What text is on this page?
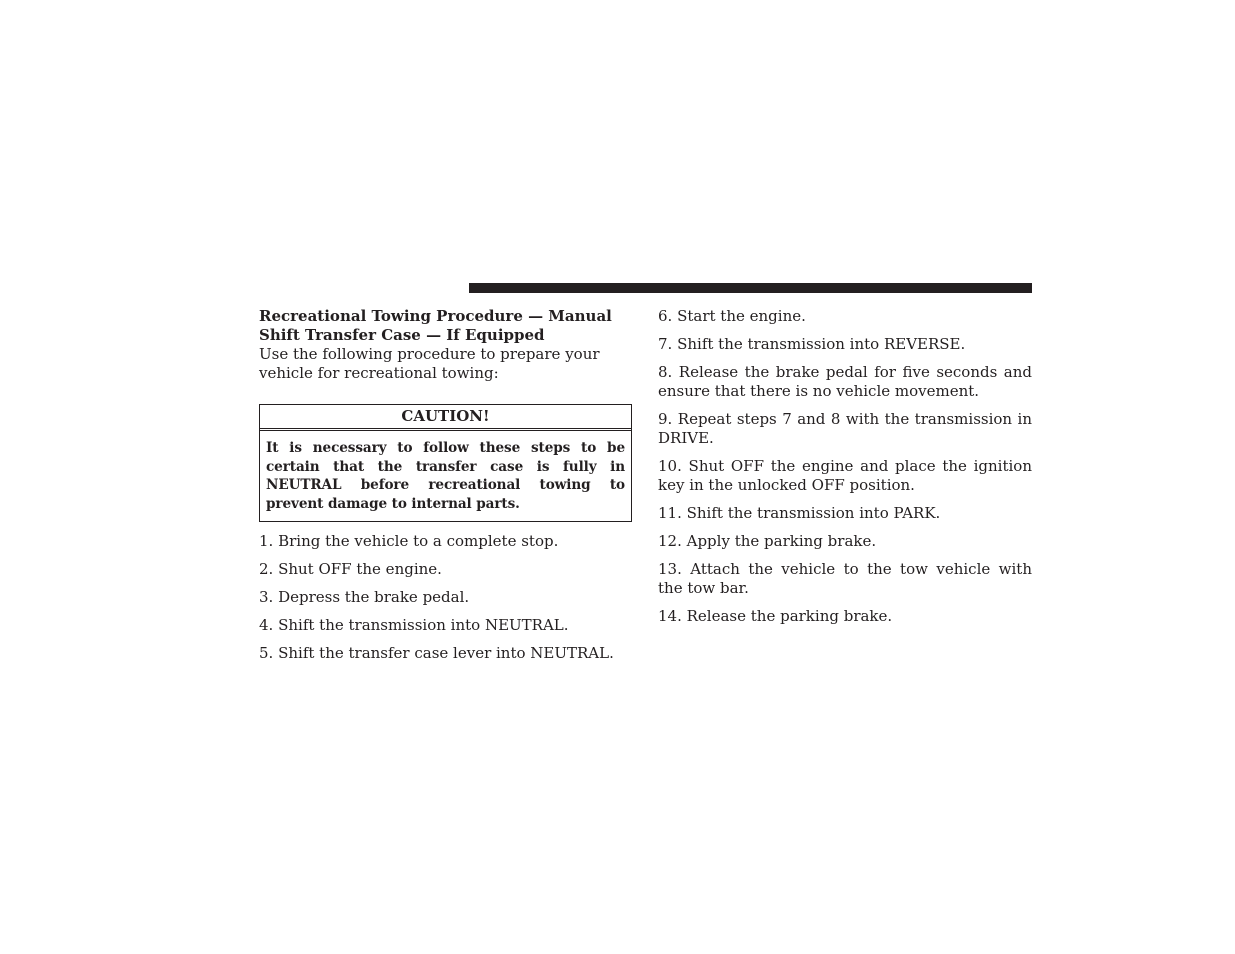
Recreational Towing Procedure — Manual Shift Transfer Case — If Equipped

Use the following procedure to prepare your vehicle for recreational towing:

CAUTION!
It is necessary to follow these steps to be certain that the transfer case is fully in NEUTRAL before recreational towing to prevent damage to internal parts.

1. Bring the vehicle to a complete stop.

2. Shut OFF the engine.

3. Depress the brake pedal.

4. Shift the transmission into NEUTRAL.

5. Shift the transfer case lever into NEUTRAL.

6. Start the engine.

7. Shift the transmission into REVERSE.

8. Release the brake pedal for five seconds and ensure that there is no vehicle movement.

9. Repeat steps 7 and 8 with the transmission in DRIVE.

10. Shut OFF the engine and place the ignition key in the unlocked OFF position.

11. Shift the transmission into PARK.

12. Apply the parking brake.

13. Attach the vehicle to the tow vehicle with the tow bar.

14. Release the parking brake.
